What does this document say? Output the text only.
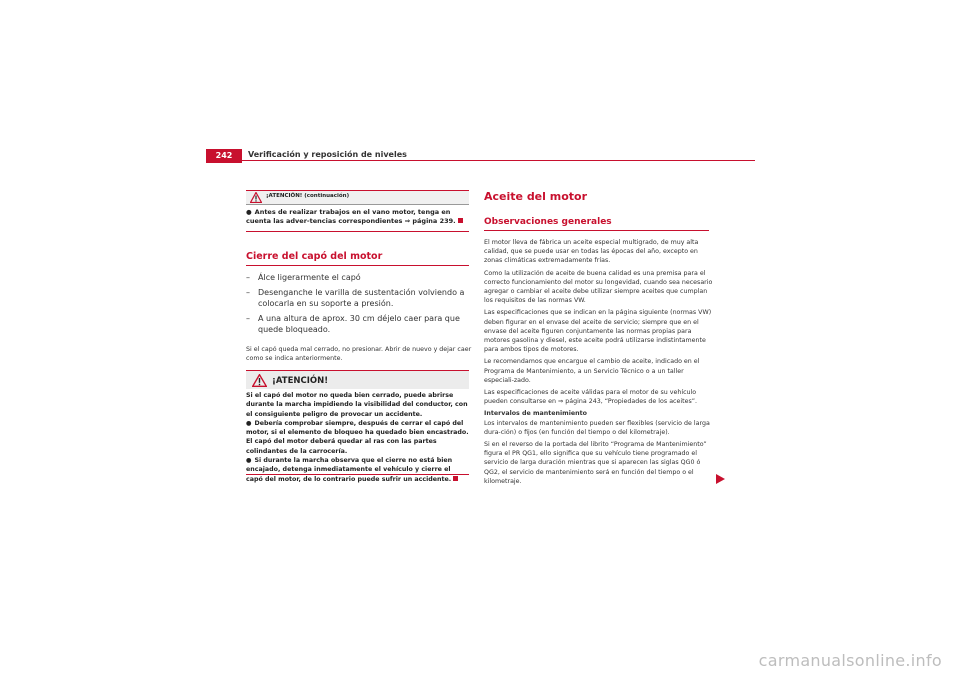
242	Verificación y reposición de niveles
¡ATENCIÓN! (continuación)
● Antes de realizar trabajos en el vano motor, tenga en cuenta las adver-tencias correspondientes ⇒ página 239.
Cierre del capó del motor
– Álce ligerarmente el capó
– Desenganche le varilla de sustentación volviendo a colocarla en su soporte a presión.
– A una altura de aprox. 30 cm déjelo caer para que quede bloqueado.
Si el capó queda mal cerrado, no presionar. Abrir de nuevo y dejar caer como se indica anteriormente.
¡ATENCIÓN!

Si el capó del motor no queda bien cerrado, puede abrirse durante la marcha impidiendo la visibilidad del conductor, con el consiguiente peligro de provocar un accidente.

● Debería comprobar siempre, después de cerrar el capó del motor, si el elemento de bloqueo ha quedado bien encastrado. El capó del motor deberá quedar al ras con las partes colindantes de la carrocería.

● Si durante la marcha observa que el cierre no está bien encajado, detenga inmediatamente el vehículo y cierre el capó del motor, de lo contrario puede sufrir un accidente.

Aceite del motor
Observaciones generales

El motor lleva de fábrica un aceite especial multigrado, de muy alta calidad, que se puede usar en todas las épocas del año, excepto en zonas climáticas extremadamente frías.

Como la utilización de aceite de buena calidad es una premisa para el correcto funcionamiento del motor su longevidad, cuando sea necesario agregar o cambiar el aceite debe utilizar siempre aceites que cumplan los requisitos de las normas VW.

Las especificaciones que se indican en la página siguiente (normas VW) deben figurar en el envase del aceite de servicio; siempre que en el envase del aceite figuren conjuntamente las normas propias para motores gasolina y diesel, este aceite podrá utilizarse indistintamente para ambos tipos de motores.

Le recomendamos que encargue el cambio de aceite, indicado en el Programa de Mantenimiento, a un Servicio Técnico o a un taller especiali-zado.

Las especificaciones de aceite válidas para el motor de su vehículo pueden consultarse en ⇒ página 243, “Propiedades de los aceites”.

Intervalos de mantenimiento

Los intervalos de mantenimiento pueden ser flexibles (servicio de larga dura-ción) o fijos (en función del tiempo o del kilometraje).

Si en el reverso de la portada del librito “Programa de Mantenimiento” figura el PR QG1, ello significa que su vehículo tiene programado el servicio de larga duración mientras que si aparecen las siglas QG0 ó QG2, el servicio de mantenimiento será en función del tiempo o el kilometraje.

carmanualsonline.info
